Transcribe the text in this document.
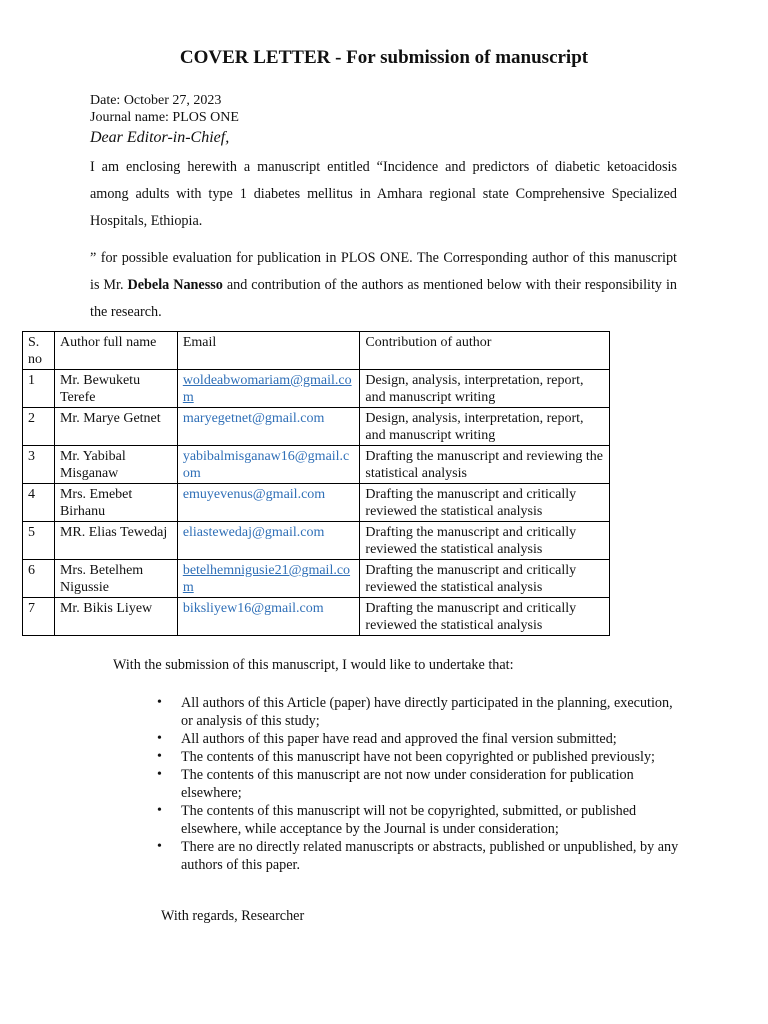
COVER LETTER - For submission of manuscript

Date: October 27, 2023

Journal name: PLOS ONE

Dear Editor-in-Chief,

I am enclosing herewith a manuscript entitled “Incidence and predictors of diabetic ketoacidosis among adults with type 1 diabetes mellitus in Amhara regional state Comprehensive Specialized Hospitals, Ethiopia.

” for possible evaluation for publication in PLOS ONE. The Corresponding author of this manuscript is Mr. Debela Nanesso and contribution of the authors as mentioned below with their responsibility in the research.

S. no	Author full name	Email	Contribution of author
1	Mr. Bewuketu Terefe	woldeabwomariam@gmail.com	Design, analysis, interpretation, report, and manuscript writing
2	Mr. Marye Getnet	maryegetnet@gmail.com	Design, analysis, interpretation, report, and manuscript writing
3	Mr. Yabibal Misganaw	yabibalmisganaw16@gmail.com	Drafting the manuscript and reviewing the statistical analysis
4	Mrs. Emebet Birhanu	emuyevenus@gmail.com	Drafting the manuscript and critically reviewed the statistical analysis
5	MR. Elias Tewedaj	eliastewedaj@gmail.com	Drafting the manuscript and critically reviewed the statistical analysis
6	Mrs. Betelhem Nigussie	betelhemnigusie21@gmail.com	Drafting the manuscript and critically reviewed the statistical analysis
7	Mr. Bikis Liyew	biksliyew16@gmail.com	Drafting the manuscript and critically reviewed the statistical analysis

With the submission of this manuscript, I would like to undertake that:

• All authors of this Article (paper) have directly participated in the planning, execution, or analysis of this study;
• All authors of this paper have read and approved the final version submitted;
• The contents of this manuscript have not been copyrighted or published previously;
• The contents of this manuscript are not now under consideration for publication elsewhere;
• The contents of this manuscript will not be copyrighted, submitted, or published elsewhere, while acceptance by the Journal is under consideration;
• There are no directly related manuscripts or abstracts, published or unpublished, by any authors of this paper.

With regards, Researcher
